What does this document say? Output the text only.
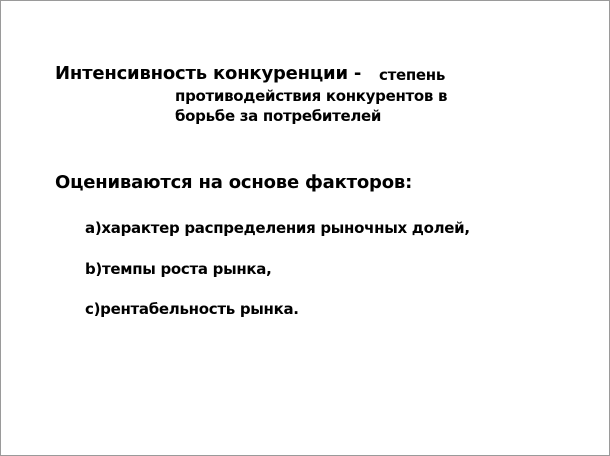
Интенсивность конкуренции - степень
противодействия конкурентов в
борьбе за потребителей
Оцениваются на основе факторов:
a)характер распределения рыночных долей,
b)темпы роста рынка,
c)рентабельность рынка.
